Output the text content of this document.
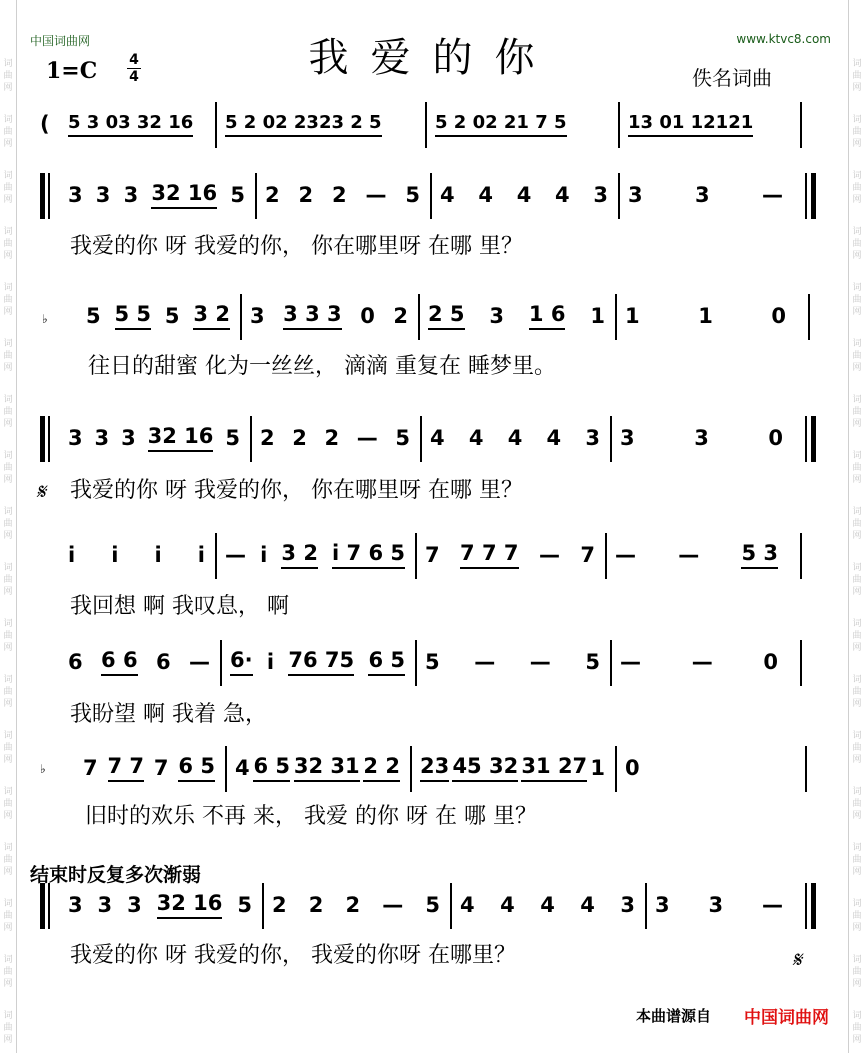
词
曲
网
词
曲
网
词
曲
网
词
曲
网
词
曲
网
词
曲
网
词
曲
网
词
曲
网
词
曲
网
词
曲
网
词
曲
网
词
曲
网
词
曲
网
词
曲
网
词
曲
网
词
曲
网
词
曲
网
词
曲
网
词
曲
网
词
曲
网
词
曲
网
词
曲
网
词
曲
网
词
曲
网
词
曲
网
词
曲
网
词
曲
网
词
曲
网
词
曲
网
词
曲
网
词
曲
网
词
曲
网
词
曲
网
词
曲
网
词
曲
网
词
曲
网
中国词曲网	www.ktvc8.com
我爱的你
1=C 4
4	佚名词曲
5 3 03 32 16 5 2 02 2323 2 5	5 2 02 21 7 5	13 01 12121
(
3 3 3 32 16 5 2 2 2 — 5 4 4 4 4 3 3 3 —
我爱的你 呀 我爱的你， 你在哪里呀 在哪 里？
5 5 5 5 3 2 3 3 3 3 0 2 2 5 3 1 6 1 1	1	0
往日的甜蜜 化为一丝丝， 滴滴 重复在 睡梦里。
3 3 3 32 16 5 2 2 2 — 5 4 4 4 4 3 3	3	0
我爱的你 呀 我爱的你， 你在哪里呀 在哪 里？
i i i i — i 3 2 i 7 6 5 7 7 7 7 — 7 — — 5 3
我回想 啊 我叹息， 啊
6 6 6 6 — 6· i 76 75 6 5 5 — — 5 — — 0
我盼望 啊 我着 急，
7 7 7 7 6 5 4 6 5 32 31 2 2 23 45 32 31 27 1 0
旧时的欢乐 不再 来， 我爱 的你 呀 在 哪 里？
3 3 3 32 16 5 2 2 2 — 5 4 4 4 4 3 3 3 —
我爱的你 呀 我爱的你， 我爱的你呀 在哪里？
♭
♭
𝄋
𝄋
结束时反复多次渐弱
本曲谱源自 中国词曲网
